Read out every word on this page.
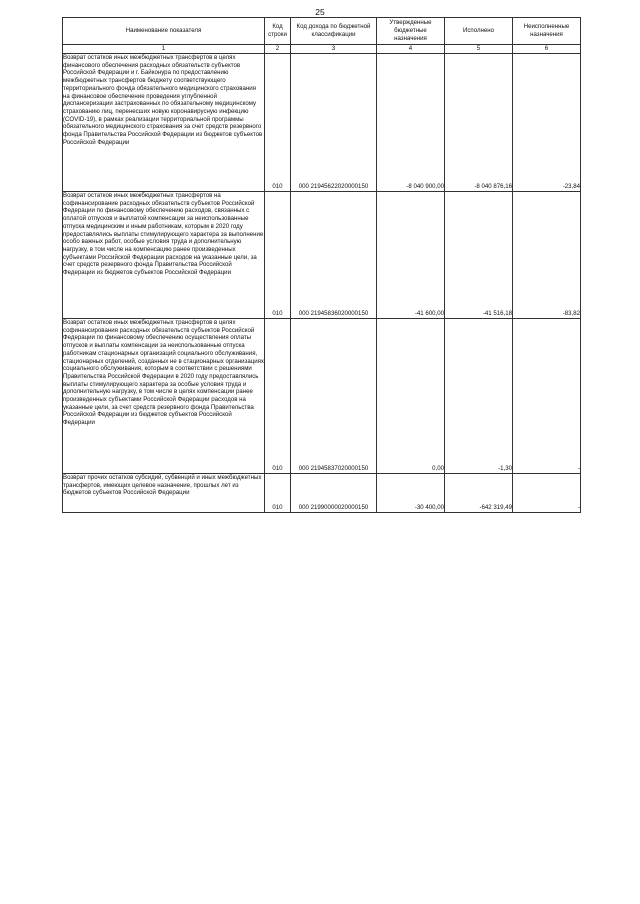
25
Наименование показателя	Код строки	Код дохода по бюджетной классификации	Утвержденные бюджетные назначения	Исполнено	Неисполненные назначения
1	2	3	4	5	6
Возврат остатков иных межбюджетных трансфертов в целях финансового обеспечения расходных обязательств субъектов Российской Федерации и г. Байконура по предоставлению межбюджетных трансфертов бюджету соответствующего территориального фонда обязательного медицинского страхования на финансовое обеспечение проведения углубленной диспансеризации застрахованных по обязательному медицинскому страхованию лиц, перенесших новую коронавирусную инфекцию (COVID-19), в рамках реализации территориальной программы обязательного медицинского страхования за счет средств резервного фонда Правительства Российской Федерации из бюджетов субъектов Российской Федерации	010	000 21945622020000150	-8 040 900,00	-8 040 876,16	-23,84
Возврат остатков иных межбюджетных трансфертов на софинансирование расходных обязательств субъектов Российской Федерации по финансовому обеспечению расходов, связанных с оплатой отпусков и выплатой компенсации за неиспользованные отпуска медицинским и иным работникам, которым в 2020 году предоставлялись выплаты стимулирующего характера за выполнение особо важных работ, особые условия труда и дополнительную нагрузку, в том числе на компенсацию ранее произведенных субъектами Российской Федерации расходов на указанные цели, за счет средств резервного фонда Правительства Российской Федерации из бюджетов субъектов Российской Федерации	010	000 21945836020000150	-41 600,00	-41 516,18	-83,82
Возврат остатков иных межбюджетных трансфертов в целях софинансирования расходных обязательств субъектов Российской Федерации по финансовому обеспечению осуществления оплаты отпусков и выплаты компенсации за неиспользованные отпуска работникам стационарных организаций социального обслуживания, стационарных отделений, созданных не в стационарных организациях социального обслуживания, которым в соответствии с решениями Правительства Российской Федерации в 2020 году предоставлялись выплаты стимулирующего характера за особые условия труда и дополнительную нагрузку, в том числе в целях компенсации ранее произведенных субъектами Российской Федерации расходов на указанные цели, за счет средств резервного фонда Правительства Российской Федерации из бюджетов субъектов Российской Федерации	010	000 21945837020000150	0,00	-1,30	-
Возврат прочих остатков субсидий, субвенций и иных межбюджетных трансфертов, имеющих целевое назначение, прошлых лет из бюджетов субъектов Российской Федерации	010	000 21990000020000150	-30 400,00	-642 319,49	-
